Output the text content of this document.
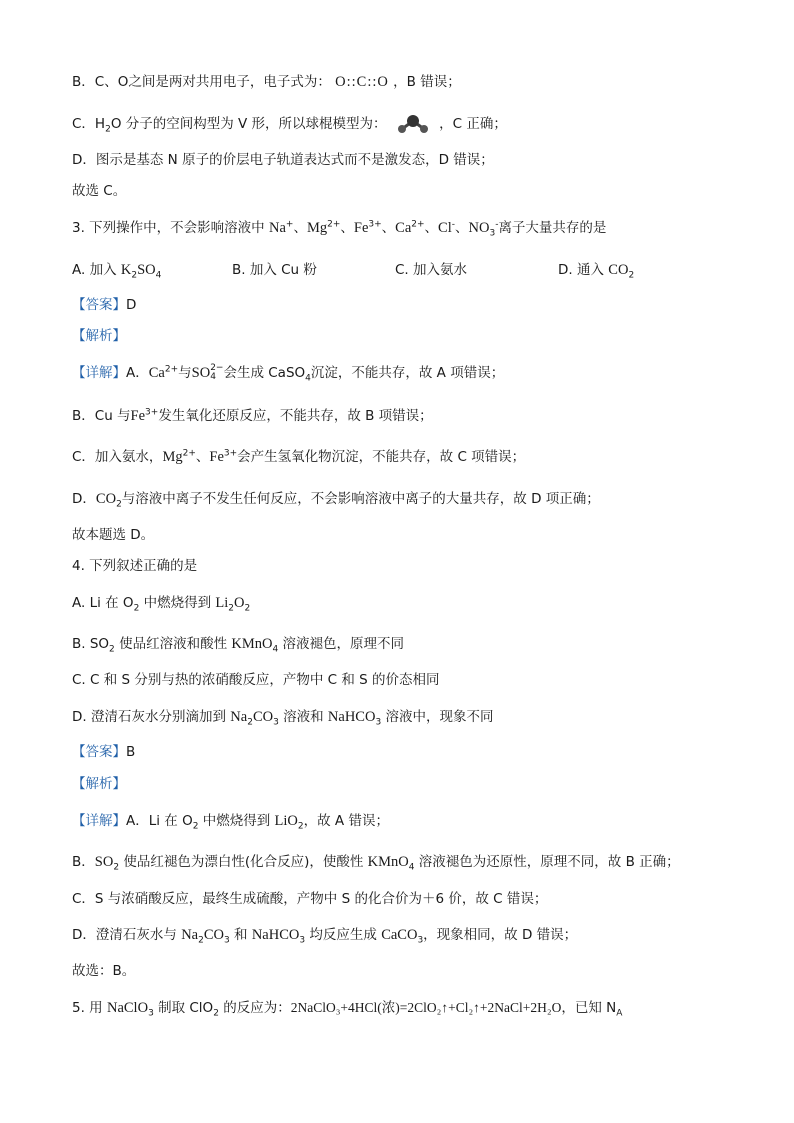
B．C、O之间是两对共用电子，电子式为： O::C::O ，B 错误；
C．$H_2O$ 分子的空间构型为 V 形，所以球棍模型为：	，C 正确；
D．图示是基态 N 原子的价层电子轨道表达式而不是激发态，D 错误；
故选 C。
3. 下列操作中，不会影响溶液中 Na+、$Mg^{2+}$、$Fe^{3+}$、$Ca^{2+}$、Cl-、$NO_3^-$离子大量共存的是
A. 加入 $K_2SO_4$	B. 加入 Cu 粉	C. 加入氨水	D. 通入 $CO_2$
【答案】D
【解析】
【详解】A．$Ca^{2+}$与SO 2−
4 会生成 CaSO$_4$沉淀，不能共存，故 A 项错误；
B．Cu 与$Fe^{3+}$发生氧化还原反应，不能共存，故 B 项错误；
C．加入氨水，$Mg^{2+}$、$Fe^{3+}$会产生氢氧化物沉淀，不能共存，故 C 项错误；
D．$CO_2$与溶液中离子不发生任何反应，不会影响溶液中离子的大量共存，故 D 项正确；
故本题选 D。
4. 下列叙述正确的是
A. Li 在 $O_2$ 中燃烧得到 $Li_2O_2$
B. $SO_2$ 使品红溶液和酸性 KMnO$_4$ 溶液褪色，原理不同
C. C 和 S 分别与热的浓硝酸反应，产物中 C 和 S 的价态相同
D. 澄清石灰水分别滴加到 $Na_2CO_3$ 溶液和 NaHCO$_3$ 溶液中，现象不同
【答案】B
【解析】
【详解】A．Li 在 $O_2$ 中燃烧得到 LiO$_2$，故 A 错误；
B．$SO_2$ 使品红褪色为漂白性(化合反应)，使酸性 KMnO$_4$ 溶液褪色为还原性，原理不同，故 B 正确；
C．S 与浓硝酸反应，最终生成硫酸，产物中 S 的化合价为＋6 价，故 C 错误；
D．澄清石灰水与 $Na_2CO_3$ 和 NaHCO$_3$ 均反应生成 CaCO$_3$，现象相同，故 D 错误；
故选：B。
5. 用 NaClO$_3$ 制取 ClO$_2$ 的反应为：2NaClO₃+4HCl(浓)=2ClO₂↑+Cl₂↑+2NaCl+2H₂O，已知 $N_A$
